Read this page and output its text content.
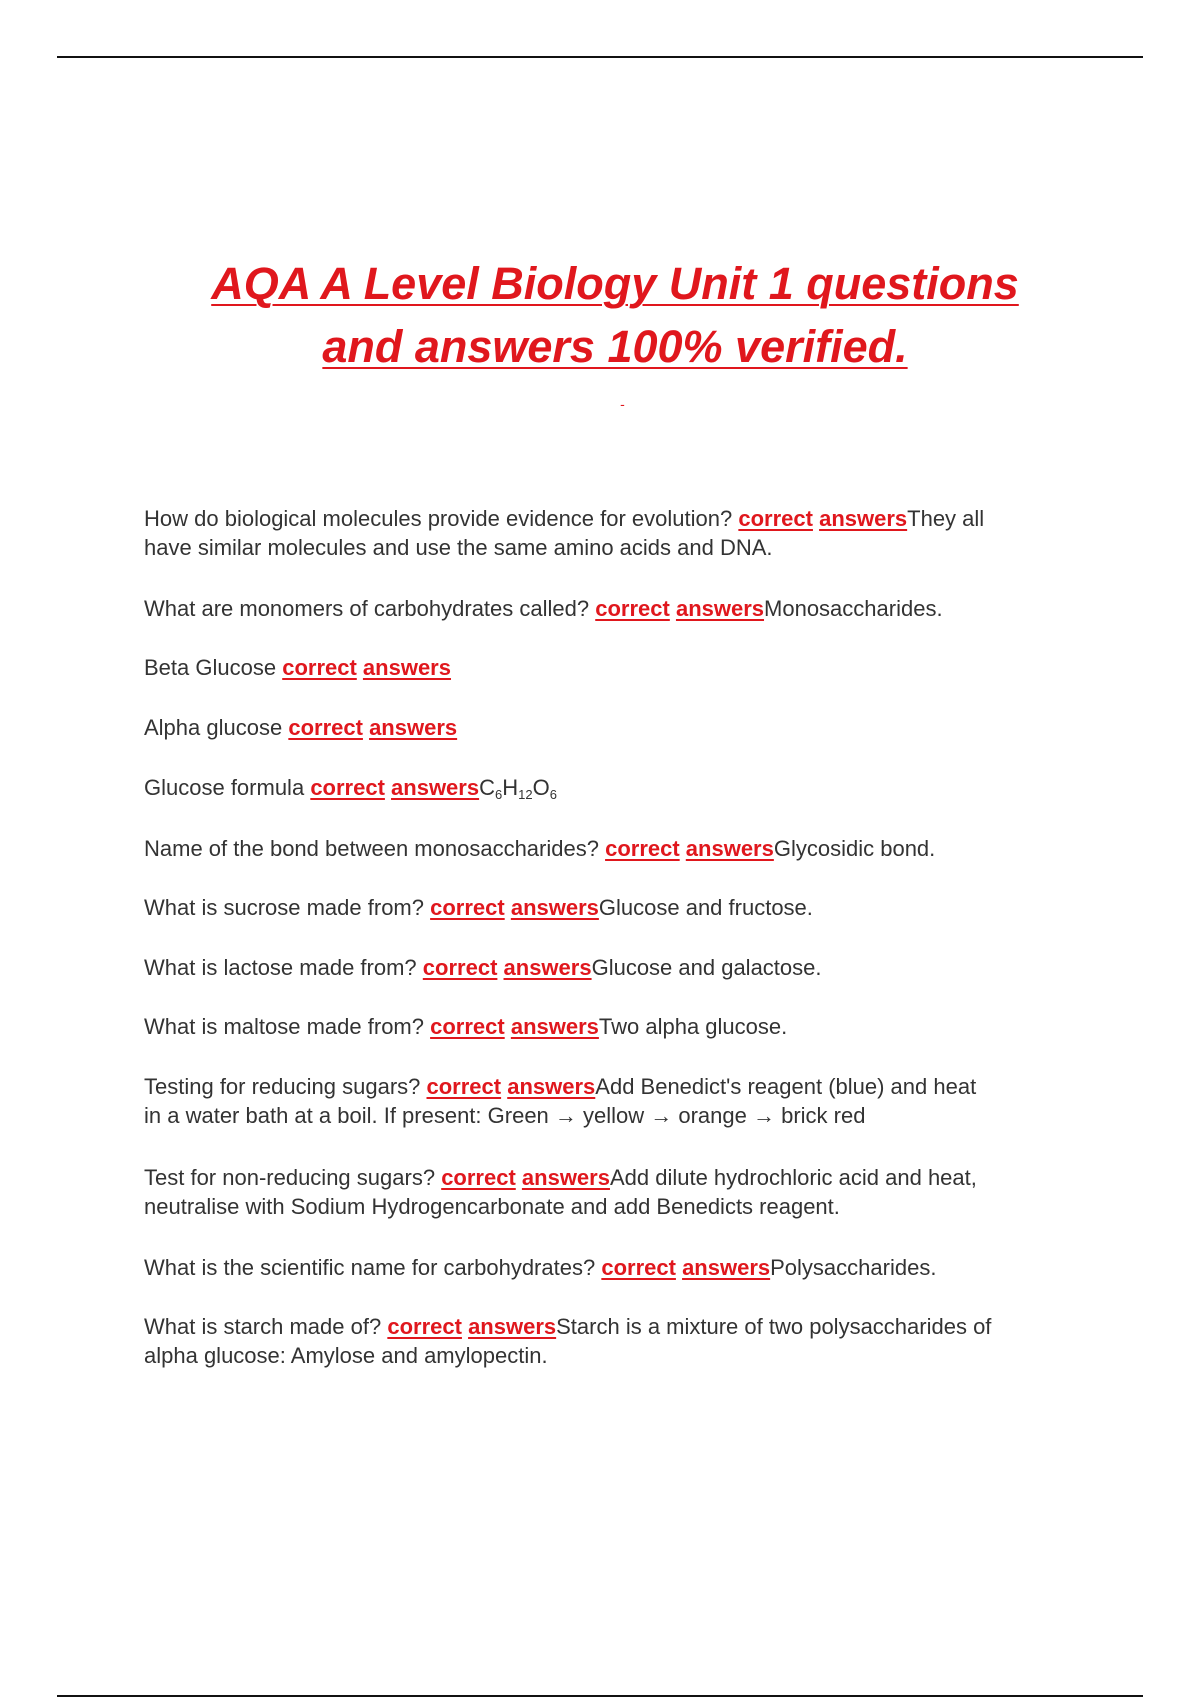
AQA A Level Biology Unit 1 questions
and answers 100% verified.
-

How do biological molecules provide evidence for evolution? correct answersThey all
have similar molecules and use the same amino acids and DNA.

What are monomers of carbohydrates called? correct answersMonosaccharides.

Beta Glucose correct answers

Alpha glucose correct answers

Glucose formula correct $answersC_6H_{12}O_6$

Name of the bond between monosaccharides? correct answersGlycosidic bond.

What is sucrose made from? correct answersGlucose and fructose.

What is lactose made from? correct answersGlucose and galactose.

What is maltose made from? correct answersTwo alpha glucose.

Testing for reducing sugars? correct answersAdd Benedict's reagent (blue) and heat
in a water bath at a boil. If present: Green → yellow → orange → brick red

Test for non-reducing sugars? correct answersAdd dilute hydrochloric acid and heat,
neutralise with Sodium Hydrogencarbonate and add Benedicts reagent.

What is the scientific name for carbohydrates? correct answersPolysaccharides.

What is starch made of? correct answersStarch is a mixture of two polysaccharides of
alpha glucose: Amylose and amylopectin.
